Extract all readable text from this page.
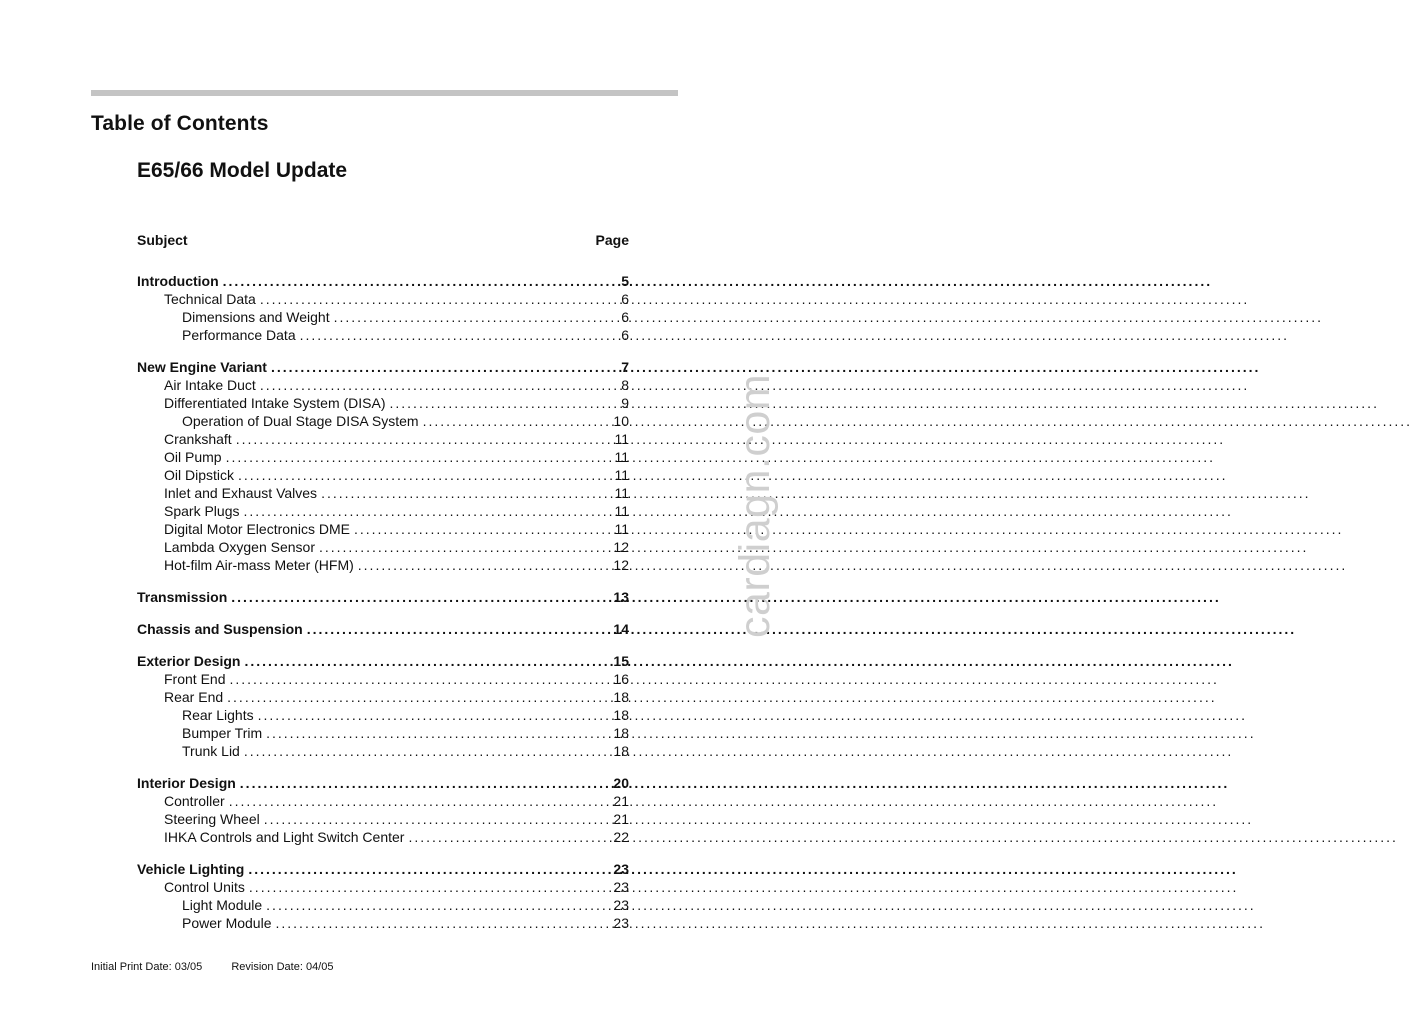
Table of Contents
E65/66 Model Update
Subject	Page
Introduction .....	5
Technical Data .....	6
Dimensions and Weight .....	6
Performance Data .....	6
New Engine Variant .....	7
Air Intake Duct .....	8
Differentiated Intake System (DISA) .....	9
Operation of Dual Stage DISA System .....	10
Crankshaft .....	11
Oil Pump .....	11
Oil Dipstick .....	11
Inlet and Exhaust Valves .....	11
Spark Plugs .....	11
Digital Motor Electronics DME .....	11
Lambda Oxygen Sensor .....	12
Hot-film Air-mass Meter (HFM) .....	12
Transmission .....	13
Chassis and Suspension .....	14
Exterior Design .....	15
Front End .....	16
Rear End .....	18
Rear Lights .....	18
Bumper Trim .....	18
Trunk Lid .....	18
Interior Design .....	20
Controller .....	21
Steering Wheel .....	21
IHKA Controls and Light Switch Center .....	22
Vehicle Lighting .....	23
Control Units .....	23
Light Module .....	23
Power Module .....	23
Initial Print Date: 03/05	Revision Date: 04/05
cardiagn.com
